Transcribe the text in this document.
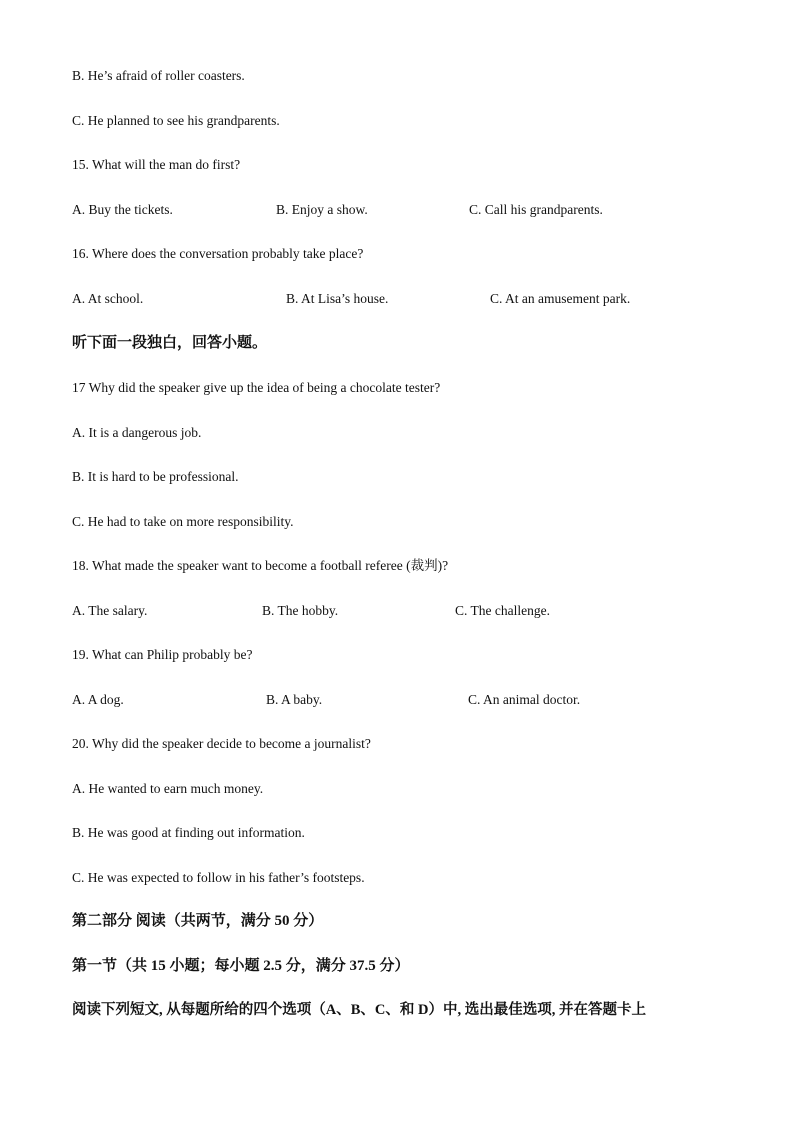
B. He’s afraid of roller coasters.
C. He planned to see his grandparents.
15. What will the man do first?
A. Buy the tickets.	B. Enjoy a show.	C. Call his grandparents.
16. Where does the conversation probably take place?
A. At school.	B. At Lisa’s house.	C. At an amusement park.
听下面一段独白，回答小题。
17 Why did the speaker give up the idea of being a chocolate tester?
A. It is a dangerous job.
B. It is hard to be professional.
C. He had to take on more responsibility.
18. What made the speaker want to become a football referee (裁判)?
A. The salary.	B. The hobby.	C. The challenge.
19. What can Philip probably be?
A. A dog.	B. A baby.	C. An animal doctor.
20. Why did the speaker decide to become a journalist?
A. He wanted to earn much money.
B. He was good at finding out information.
C. He was expected to follow in his father’s footsteps.
第二部分 阅读（共两节，满分 50 分）
第一节（共 15 小题；每小题 2.5 分，满分 37.5 分）
阅读下列短文, 从每题所给的四个选项（A、B、C、和 D）中, 选出最佳选项, 并在答题卡上
